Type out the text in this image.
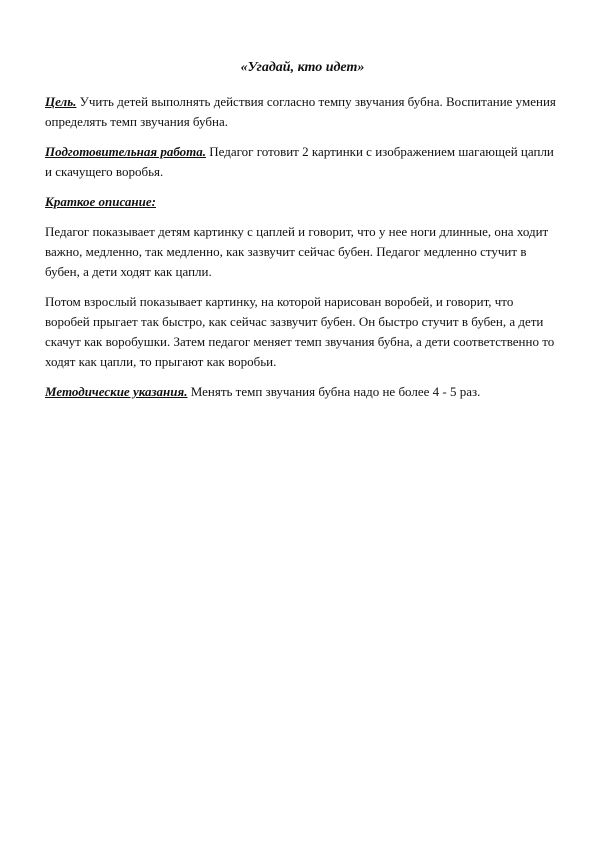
«Угадай, кто идет»

Цель. Учить детей выполнять действия согласно темпу звучания бубна. Воспитание умения определять темп звучания бубна.

Подготовительная работа. Педагог готовит 2 картинки с изображением шагающей цапли и скачущего воробья.

Краткое описание:

Педагог показывает детям картинку с цаплей и говорит, что у нее ноги длинные, она ходит важно, медленно, так медленно, как зазвучит сейчас бубен. Педагог медленно стучит в бубен, а дети ходят как цапли.

Потом взрослый показывает картинку, на которой нарисован воробей, и говорит, что воробей прыгает так быстро, как сейчас зазвучит бубен. Он быстро стучит в бубен, а дети скачут как воробушки. Затем педагог меняет темп звучания бубна, а дети соответственно то ходят как цапли, то прыгают как воробьи.

Методические указания. Менять темп звучания бубна надо не более 4 - 5 раз.
